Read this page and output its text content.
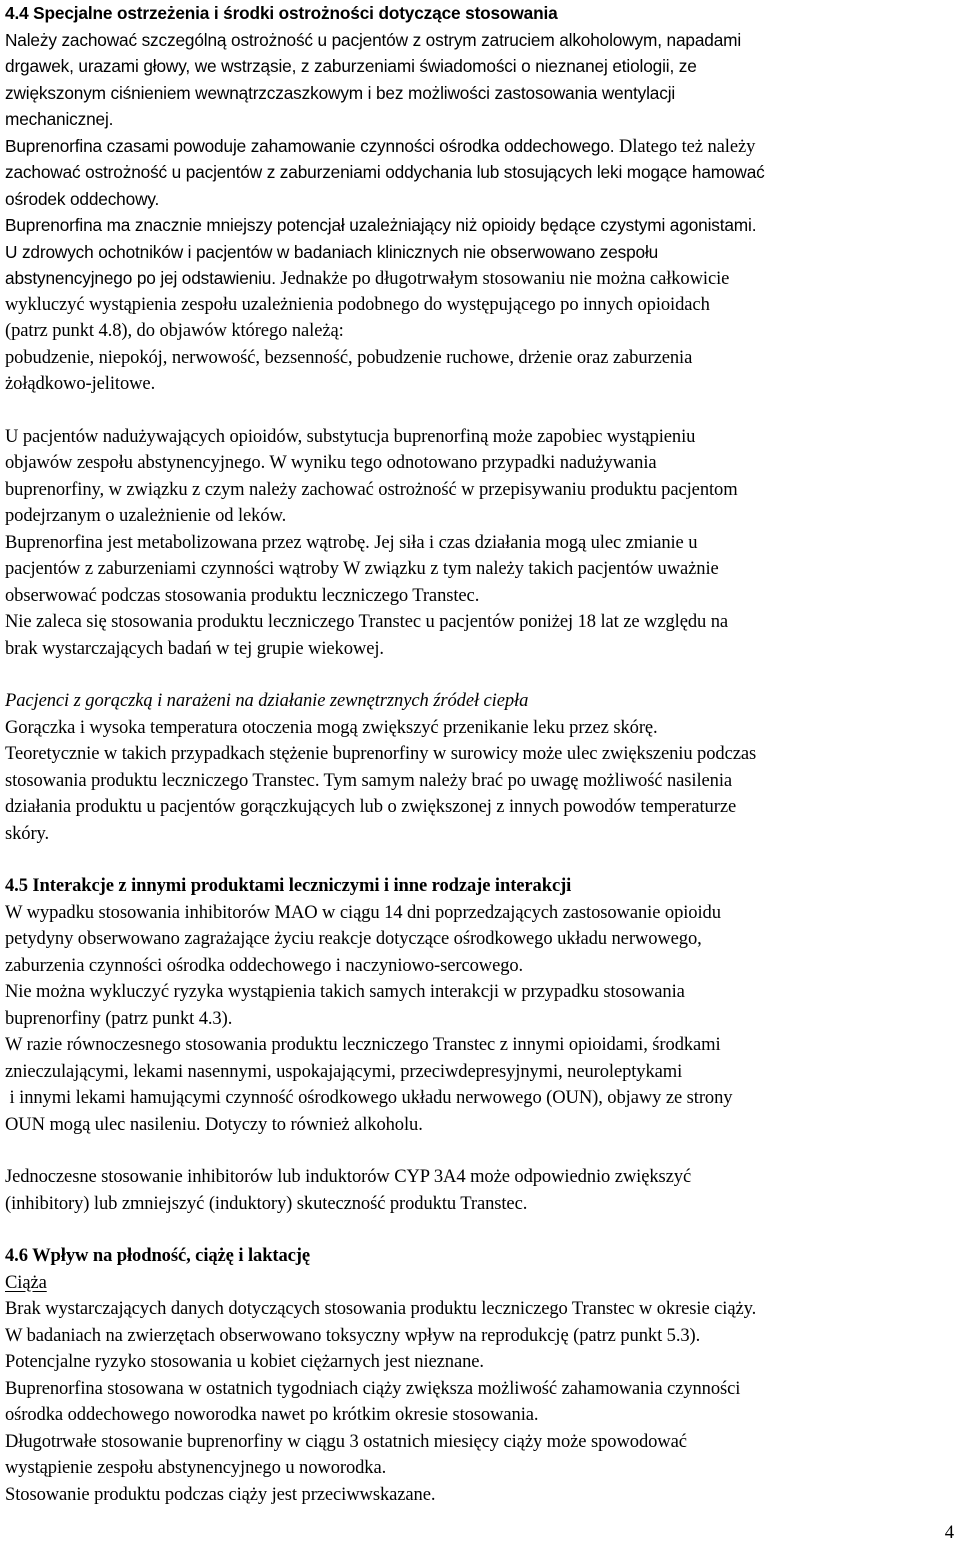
4.4 Specjalne ostrzeżenia i środki ostrożności dotyczące stosowania
Należy zachować szczególną ostrożność u pacjentów z ostrym zatruciem alkoholowym, napadami
drgawek, urazami głowy, we wstrząsie, z zaburzeniami świadomości o nieznanej etiologii, ze
zwiększonym ciśnieniem wewnątrzczaszkowym i bez możliwości zastosowania wentylacji
mechanicznej.
Buprenorfina czasami powoduje zahamowanie czynności ośrodka oddechowego. Dlatego też należy
zachować ostrożność u pacjentów z zaburzeniami oddychania lub stosujących leki mogące hamować
ośrodek oddechowy.
Buprenorfina ma znacznie mniejszy potencjał uzależniający niż opioidy będące czystymi agonistami.
U zdrowych ochotników i pacjentów w badaniach klinicznych nie obserwowano zespołu
abstynencyjnego po jej odstawieniu. Jednakże po długotrwałym stosowaniu nie można całkowicie
wykluczyć wystąpienia zespołu uzależnienia podobnego do występującego po innych opioidach
(patrz punkt 4.8), do objawów którego należą:
pobudzenie, niepokój, nerwowość, bezsenność, pobudzenie ruchowe, drżenie oraz zaburzenia
żołądkowo-jelitowe.
U pacjentów nadużywających opioidów, substytucja buprenorfiną może zapobiec wystąpieniu
objawów zespołu abstynencyjnego. W wyniku tego odnotowano przypadki nadużywania
buprenorfiny, w związku z czym należy zachować ostrożność w przepisywaniu produktu pacjentom
podejrzanym o uzależnienie od leków.
Buprenorfina jest metabolizowana przez wątrobę. Jej siła i czas działania mogą ulec zmianie u
pacjentów z zaburzeniami czynności wątroby W związku z tym należy takich pacjentów uważnie
obserwować podczas stosowania produktu leczniczego Transtec.
Nie zaleca się stosowania produktu leczniczego Transtec u pacjentów poniżej 18 lat ze względu na
brak wystarczających badań w tej grupie wiekowej.
Pacjenci z gorączką i narażeni na działanie zewnętrznych źródeł ciepła
Gorączka i wysoka temperatura otoczenia mogą zwiększyć przenikanie leku przez skórę.
Teoretycznie w takich przypadkach stężenie buprenorfiny w surowicy może ulec zwiększeniu podczas
stosowania produktu leczniczego Transtec. Tym samym należy brać po uwagę możliwość nasilenia
działania produktu u pacjentów gorączkujących lub o zwiększonej z innych powodów temperaturze
skóry.
4.5 Interakcje z innymi produktami leczniczymi i inne rodzaje interakcji
W wypadku stosowania inhibitorów MAO w ciągu 14 dni poprzedzających zastosowanie opioidu
petydyny obserwowano zagrażające życiu reakcje dotyczące ośrodkowego układu nerwowego,
zaburzenia czynności ośrodka oddechowego i naczyniowo-sercowego.
Nie można wykluczyć ryzyka wystąpienia takich samych interakcji w przypadku stosowania
buprenorfiny (patrz punkt 4.3).
W razie równoczesnego stosowania produktu leczniczego Transtec z innymi opioidami, środkami
znieczulającymi, lekami nasennymi, uspokajającymi, przeciwdepresyjnymi, neuroleptykami
i innymi lekami hamującymi czynność ośrodkowego układu nerwowego (OUN), objawy ze strony
OUN mogą ulec nasileniu. Dotyczy to również alkoholu.
Jednoczesne stosowanie inhibitorów lub induktorów CYP 3A4 może odpowiednio zwiększyć
(inhibitory) lub zmniejszyć (induktory) skuteczność produktu Transtec.
4.6 Wpływ na płodność, ciążę i laktację
Ciąża
Brak wystarczających danych dotyczących stosowania produktu leczniczego Transtec w okresie ciąży.
W badaniach na zwierzętach obserwowano toksyczny wpływ na reprodukcję (patrz punkt 5.3).
Potencjalne ryzyko stosowania u kobiet ciężarnych jest nieznane.
Buprenorfina stosowana w ostatnich tygodniach ciąży zwiększa możliwość zahamowania czynności
ośrodka oddechowego noworodka nawet po krótkim okresie stosowania.
Długotrwałe stosowanie buprenorfiny w ciągu 3 ostatnich miesięcy ciąży może spowodować
wystąpienie zespołu abstynencyjnego u noworodka.
Stosowanie produktu podczas ciąży jest przeciwwskazane.
4
